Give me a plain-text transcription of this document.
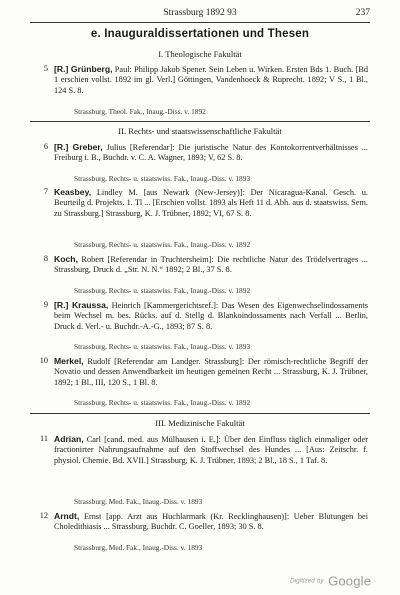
Strassburg 1892 93	237
e. Inauguraldissertationen und Thesen
I. Theologische Fakultät
5 [R.] Grünberg, Paul: Philipp Jakob Spener. Sein Leben u. Wirken. Ersten Bds 1. Buch. [Bd 1 erschien vollst. 1892 im gl. Verl.] Göttingen, Vandenhoeck & Ruprecht. 1892; V S., 1 Bl., 124 S. 8.
Strassburg, Theol. Fak., Inaug.-Diss. v. 1892
II. Rechts- und staatswissenschaftliche Fakultät
6 [R.] Greber, Julius [Referendar]: Die juristische Natur des Kontokorrentverhältnisses ... Freiburg i. B., Buchdr. v. C. A. Wagner, 1893; V, 62 S. 8.
Strassburg, Rechts- u. staatswiss. Fak., Inaug.-Diss. v. 1893
7 Keasbey, Lindley M. [aus Newark (New-Jersey)]: Der Nicaragua-Kanal. Gesch. u. Beurteilg d. Projekts. 1. Tl ... [Erschien vollst. 1893 als Heft 11 d. Abh. aus d. staatswiss. Sem. zu Strassburg.] Strassburg, K. J. Trübner, 1892; VI, 67 S. 8.
Strassburg, Rechts- u. staatswiss. Fak., Inaug.-Diss. v. 1892
8 Koch, Robert [Referendar in Truchtersheim]: Die rechtliche Natur des Trödelvertrages ... Strassburg, Druck d. „Str. N. N.“ 1892; 2 Bl., 37 S. 8.
Strassburg, Rechts- u. staatswiss. Fak., Inaug.-Diss. v. 1892
9 [R.] Kraussa, Heinrich [Kammergerichtsref.]: Das Wesen des Eigenwechselindossaments beim Wechsel m. bes. Rücks. auf d. Stellg d. Blankoindossaments nach Verfall ... Berlin, Druck d. Verl.- u. Buchdr.-A.-G., 1893; 87 S. 8.
Strassburg, Rechts- u. staatswiss. Fak., Inaug.-Diss. v. 1893
10 Merkel, Rudolf [Referendar am Landger. Strassburg]: Der römisch-rechtliche Begriff der Novatio und dessen Anwendbarkeit im heutigen gemeinen Recht ... Strassburg, K. J. Trübner, 1892; 1 Bl., III, 120 S., 1 Bl. 8.
Strassburg, Rechts- u. staatswiss. Fak., Inaug.-Diss. v. 1892
III. Medizinische Fakultät
11 Adrian, Carl [cand. med. aus Mülhausen i. E.]: Über den Einfluss täglich einmaliger oder fractionirter Nahrungsaufnahme auf den Stoffwechsel des Hundes ... [Aus: Zeitschr. f. physiol. Chemie. Bd. XVII.] Strassburg, K. J. Trübner, 1893; 2 Bl., 18 S., 1 Taf. 8.
Strassburg, Med. Fak., Inaug.-Diss. v. 1893
12 Arndt, Ernst [app. Arzt aus Huchlarmark (Kr. Recklinghausen)]: Ueber Blutungen bei Choledithiasis ... Strassburg, Buchdr. C. Goeller, 1893; 30 S. 8.
Strassburg, Med. Fak., Inaug.-Diss. v. 1893
Digitized by Google
